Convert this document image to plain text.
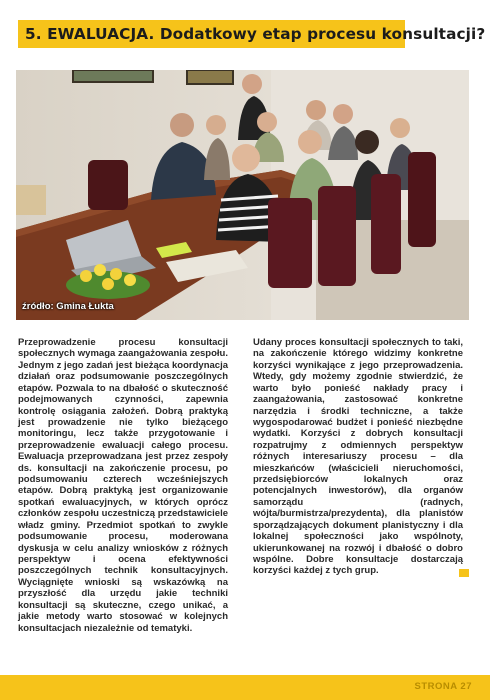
5. EWALUACJA. Dodatkowy etap procesu konsultacji?
źródło: Gmina Łukta

Przeprowadzenie procesu konsultacji społecznych wymaga zaangażowania zespołu. Jednym z jego zadań jest bieżąca koordynacja działań oraz podsumowanie poszczególnych etapów. Pozwala to na dbałość o skuteczność podejmowanych czynności, zapewnia kontrolę osiągania założeń. Dobrą praktyką jest prowadzenie nie tylko bieżącego monitoringu, lecz także przygotowanie i przeprowadzenie ewaluacji całego procesu. Ewaluacja przeprowadzana jest przez zespoły ds. konsultacji na zakończenie procesu, po podsumowaniu czterech wcześniejszych etapów. Dobrą praktyką jest organizowanie spotkań ewaluacyjnych, w których oprócz członków zespołu uczestniczą przedstawiciele władz gminy. Przedmiot spotkań to zwykle podsumowanie procesu, moderowana dyskusja w celu analizy wniosków z różnych perspektyw i ocena efektywności poszczególnych technik konsultacyjnych. Wyciągnięte wnioski są wskazówką na przyszłość dla urzędu jakie techniki konsultacji są skuteczne, czego unikać, a jakie metody warto stosować w kolejnych konsultacjach niezależnie od tematyki.

Udany proces konsultacji społecznych to taki, na zakończenie którego widzimy konkretne korzyści wynikające z jego przeprowadzenia. Wtedy, gdy możemy zgodnie stwierdzić, że warto było ponieść nakłady pracy i zaangażowania, zastosować konkretne narzędzia i środki techniczne, a także wygospodarować budżet i ponieść niezbędne wydatki. Korzyści z dobrych konsultacji rozpatrujmy z odmiennych perspektyw różnych interesariuszy procesu – dla mieszkańców (właścicieli nieruchomości, przedsiębiorców lokalnych oraz potencjalnych inwestorów), dla organów samorządu (radnych, wójta/burmistrza/prezydenta), dla planistów sporządzających dokument planistyczny i dla lokalnej społeczności jako wspólnoty, ukierunkowanej na rozwój i dbałość o dobro wspólne. Dobre konsultacje dostarczają korzyści każdej z tych grup.

STRONA 27
